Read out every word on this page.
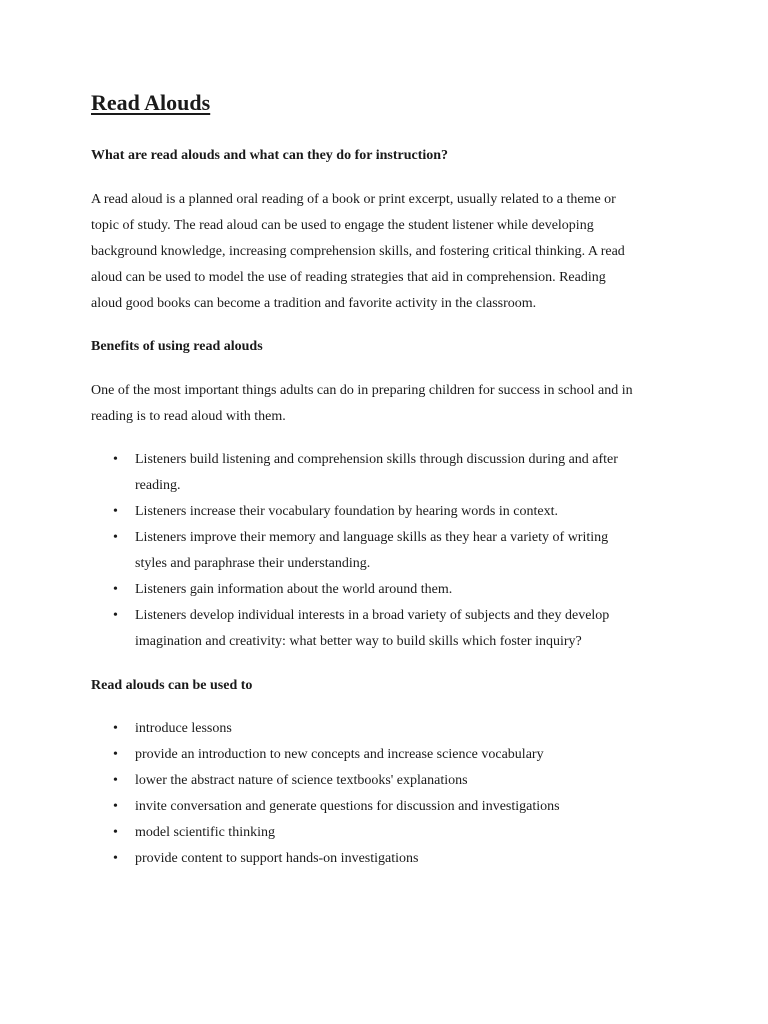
Read Alouds
What are read alouds and what can they do for instruction?

A read aloud is a planned oral reading of a book or print excerpt, usually related to a theme or
topic of study. The read aloud can be used to engage the student listener while developing
background knowledge, increasing comprehension skills, and fostering critical thinking. A read
aloud can be used to model the use of reading strategies that aid in comprehension. Reading
aloud good books can become a tradition and favorite activity in the classroom.

Benefits of using read alouds

One of the most important things adults can do in preparing children for success in school and in
reading is to read aloud with them.

• Listeners build listening and comprehension skills through discussion during and after
reading.
• Listeners increase their vocabulary foundation by hearing words in context.
• Listeners improve their memory and language skills as they hear a variety of writing
styles and paraphrase their understanding.
• Listeners gain information about the world around them.
• Listeners develop individual interests in a broad variety of subjects and they develop
imagination and creativity: what better way to build skills which foster inquiry?
Read alouds can be used to
• introduce lessons
• provide an introduction to new concepts and increase science vocabulary
• lower the abstract nature of science textbooks' explanations
• invite conversation and generate questions for discussion and investigations
• model scientific thinking
• provide content to support hands-on investigations
